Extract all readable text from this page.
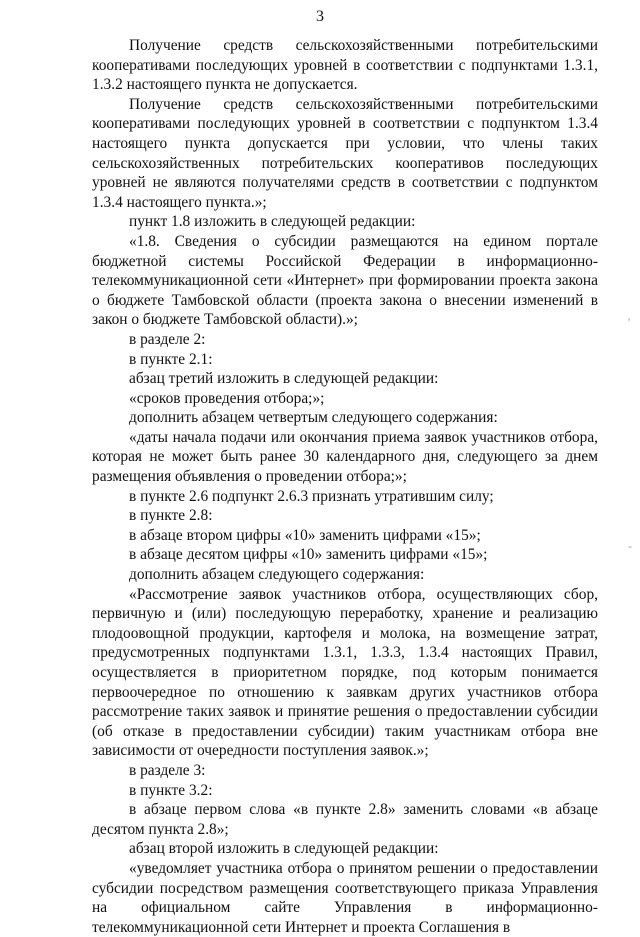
3

Получение средств сельскохозяйственными потребительскими кооперативами последующих уровней в соответствии с подпунктами 1.3.1, 1.3.2 настоящего пункта не допускается.

Получение средств сельскохозяйственными потребительскими кооперативами последующих уровней в соответствии с подпунктом 1.3.4 настоящего пункта допускается при условии, что члены таких сельскохозяйственных потребительских кооперативов последующих уровней не являются получателями средств в соответствии с подпунктом 1.3.4 настоящего пункта.»;

пункт 1.8 изложить в следующей редакции:

«1.8. Сведения о субсидии размещаются на едином портале бюджетной системы Российской Федерации в информационно-телекоммуникационной сети «Интернет» при формировании проекта закона о бюджете Тамбовской области (проекта закона о внесении изменений в закон о бюджете Тамбовской области).»;

в разделе 2:

в пункте 2.1:

абзац третий изложить в следующей редакции:

«сроков проведения отбора;»;

дополнить абзацем четвертым следующего содержания:

«даты начала подачи или окончания приема заявок участников отбора, которая не может быть ранее 30 календарного дня, следующего за днем размещения объявления о проведении отбора;»;

в пункте 2.6 подпункт 2.6.3 признать утратившим силу;

в пункте 2.8:

в абзаце втором цифры «10» заменить цифрами «15»;

в абзаце десятом цифры «10» заменить цифрами «15»;

дополнить абзацем следующего содержания:

«Рассмотрение заявок участников отбора, осуществляющих сбор, первичную и (или) последующую переработку, хранение и реализацию плодоовощной продукции, картофеля и молока, на возмещение затрат, предусмотренных подпунктами 1.3.1, 1.3.3, 1.3.4 настоящих Правил, осуществляется в приоритетном порядке, под которым понимается первоочередное по отношению к заявкам других участников отбора рассмотрение таких заявок и принятие решения о предоставлении субсидии (об отказе в предоставлении субсидии) таким участникам отбора вне зависимости от очередности поступления заявок.»;

в разделе 3:

в пункте 3.2:

в абзаце первом слова «в пункте 2.8» заменить словами «в абзаце десятом пункта 2.8»;

абзац второй изложить в следующей редакции:

«уведомляет участника отбора о принятом решении о предоставлении субсидии посредством размещения соответствующего приказа Управления на официальном сайте Управления в информационно-телекоммуникационной сети Интернет и проекта Соглашения в

'
-
